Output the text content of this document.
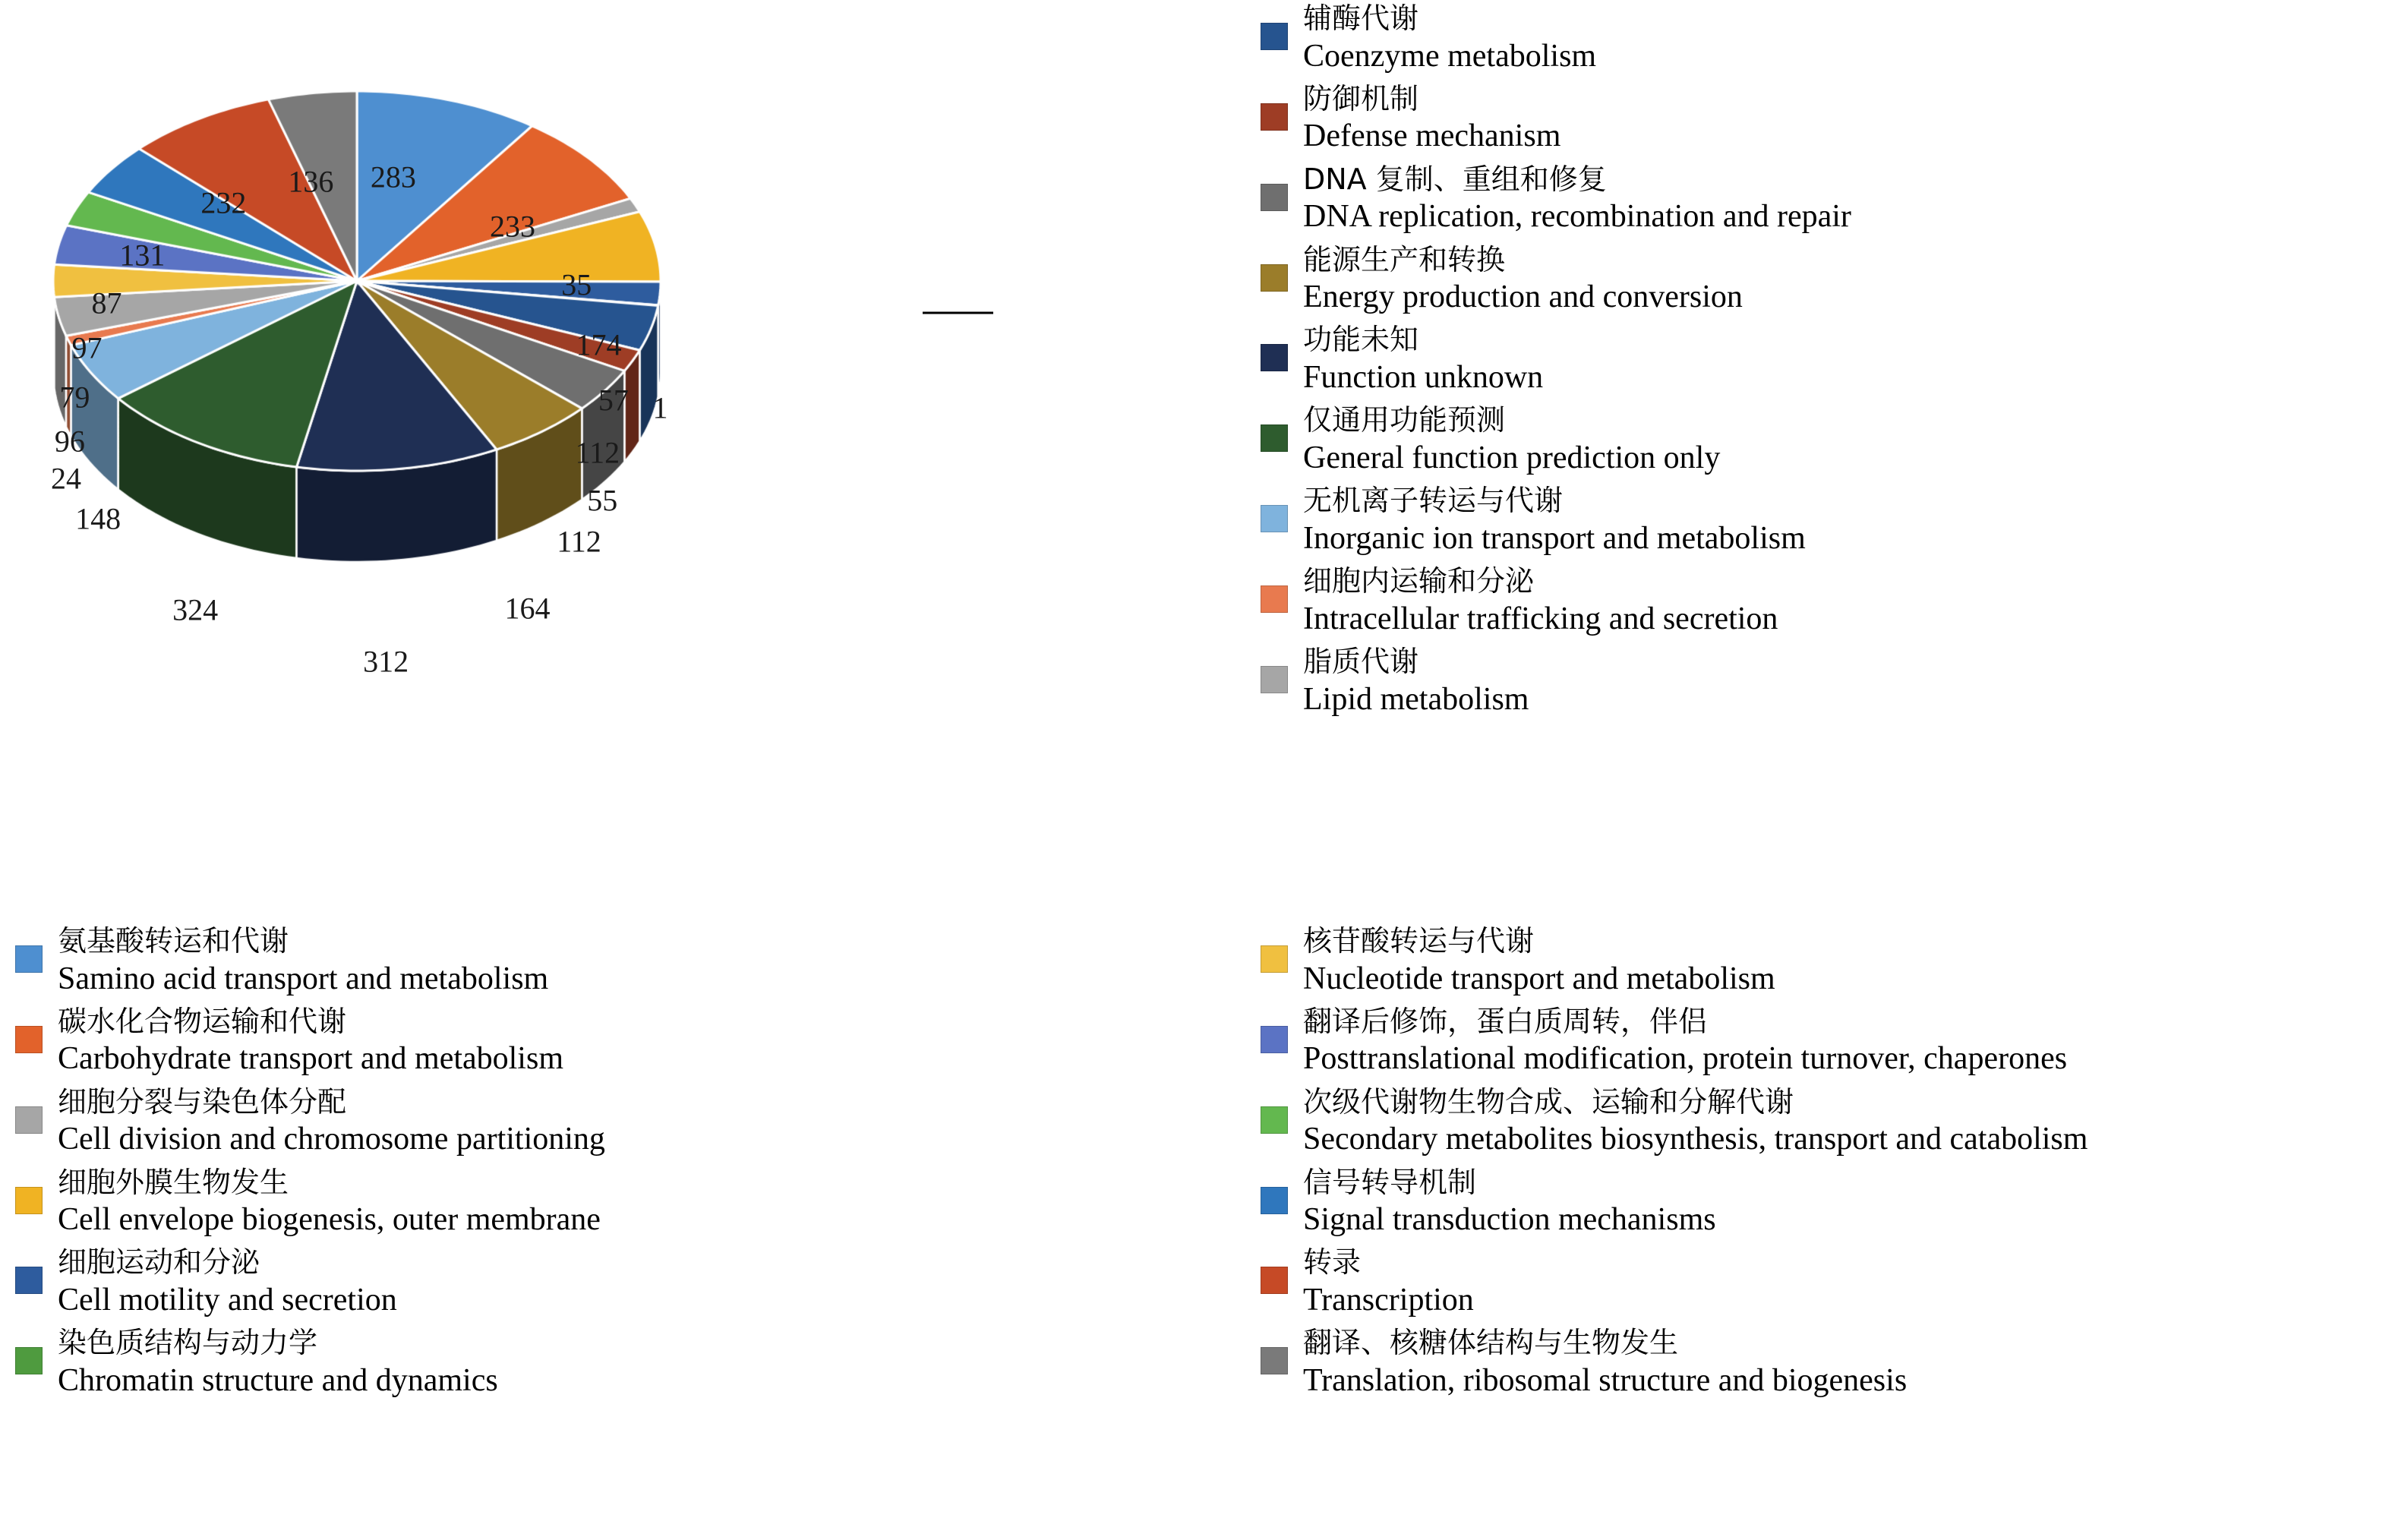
283
233
35
174
57 1
112
55
112
164
312
324
148
24
96
79
97
87
131
232
136
辅酶代谢
Coenzyme metabolism
防御机制
Defense mechanism
DNA 复制、重组和修复
DNA replication, recombination and repair
能源生产和转换
Energy production and conversion
功能未知
Function unknown
仅通用功能预测
General function prediction only
无机离子转运与代谢
Inorganic ion transport and metabolism
细胞内运输和分泌
Intracellular trafficking and secretion
脂质代谢
Lipid metabolism
氨基酸转运和代谢
Samino acid transport and metabolism
碳水化合物运输和代谢
Carbohydrate transport and metabolism
细胞分裂与染色体分配
Cell division and chromosome partitioning
细胞外膜生物发生
Cell envelope biogenesis, outer membrane
细胞运动和分泌
Cell motility and secretion
染色质结构与动力学
Chromatin structure and dynamics
核苷酸转运与代谢
Nucleotide transport and metabolism
翻译后修饰，蛋白质周转，伴侣
Posttranslational modification, protein turnover, chaperones
次级代谢物生物合成、运输和分解代谢
Secondary metabolites biosynthesis, transport and catabolism
信号转导机制
Signal transduction mechanisms
转录
Transcription
翻译、核糖体结构与生物发生
Translation, ribosomal structure and biogenesis
